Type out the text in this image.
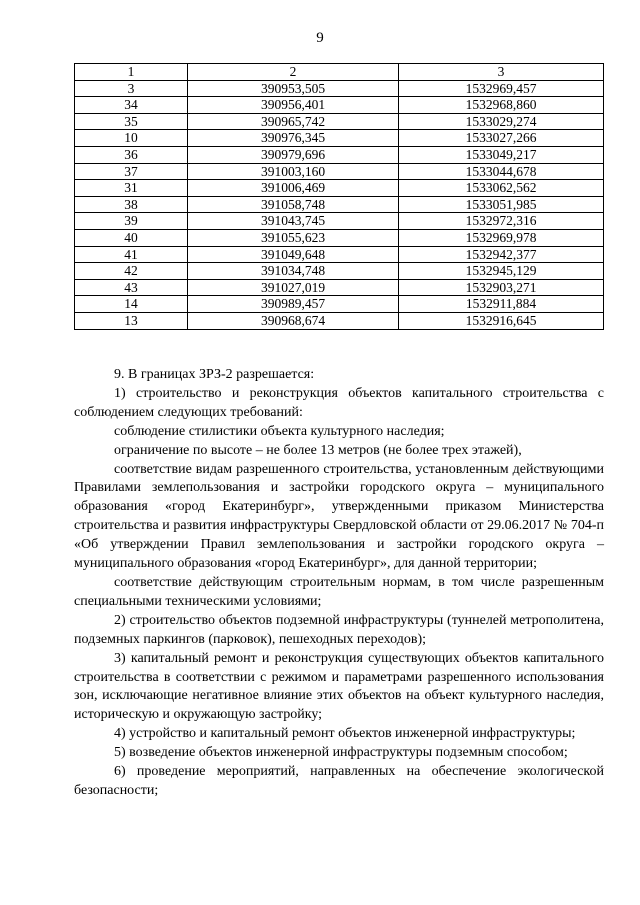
9
1	2	3
3	390953,505	1532969,457
34	390956,401	1532968,860
35	390965,742	1533029,274
10	390976,345	1533027,266
36	390979,696	1533049,217
37	391003,160	1533044,678
31	391006,469	1533062,562
38	391058,748	1533051,985
39	391043,745	1532972,316
40	391055,623	1532969,978
41	391049,648	1532942,377
42	391034,748	1532945,129
43	391027,019	1532903,271
14	390989,457	1532911,884
13	390968,674	1532916,645

9. В границах ЗРЗ-2 разрешается:

1) строительство и реконструкция объектов капитального строительства с соблюдением следующих требований:

соблюдение стилистики объекта культурного наследия;

ограничение по высоте – не более 13 метров (не более трех этажей),

соответствие видам разрешенного строительства, установленным действующими Правилами землепользования и застройки городского округа – муниципального образования «город Екатеринбург», утвержденными приказом Министерства строительства и развития инфраструктуры Свердловской области от 29.06.2017 № 704-п «Об утверждении Правил землепользования и застройки городского округа – муниципального образования «город Екатеринбург», для данной территории;

соответствие действующим строительным нормам, в том числе разрешенным специальными техническими условиями;

2) строительство объектов подземной инфраструктуры (туннелей метрополитена, подземных паркингов (парковок), пешеходных переходов);

3) капитальный ремонт и реконструкция существующих объектов капитального строительства в соответствии с режимом и параметрами разрешенного использования зон, исключающие негативное влияние этих объектов на объект культурного наследия, историческую и окружающую застройку;

4) устройство и капитальный ремонт объектов инженерной инфраструктуры;

5) возведение объектов инженерной инфраструктуры подземным способом;

6) проведение мероприятий, направленных на обеспечение экологической безопасности;
